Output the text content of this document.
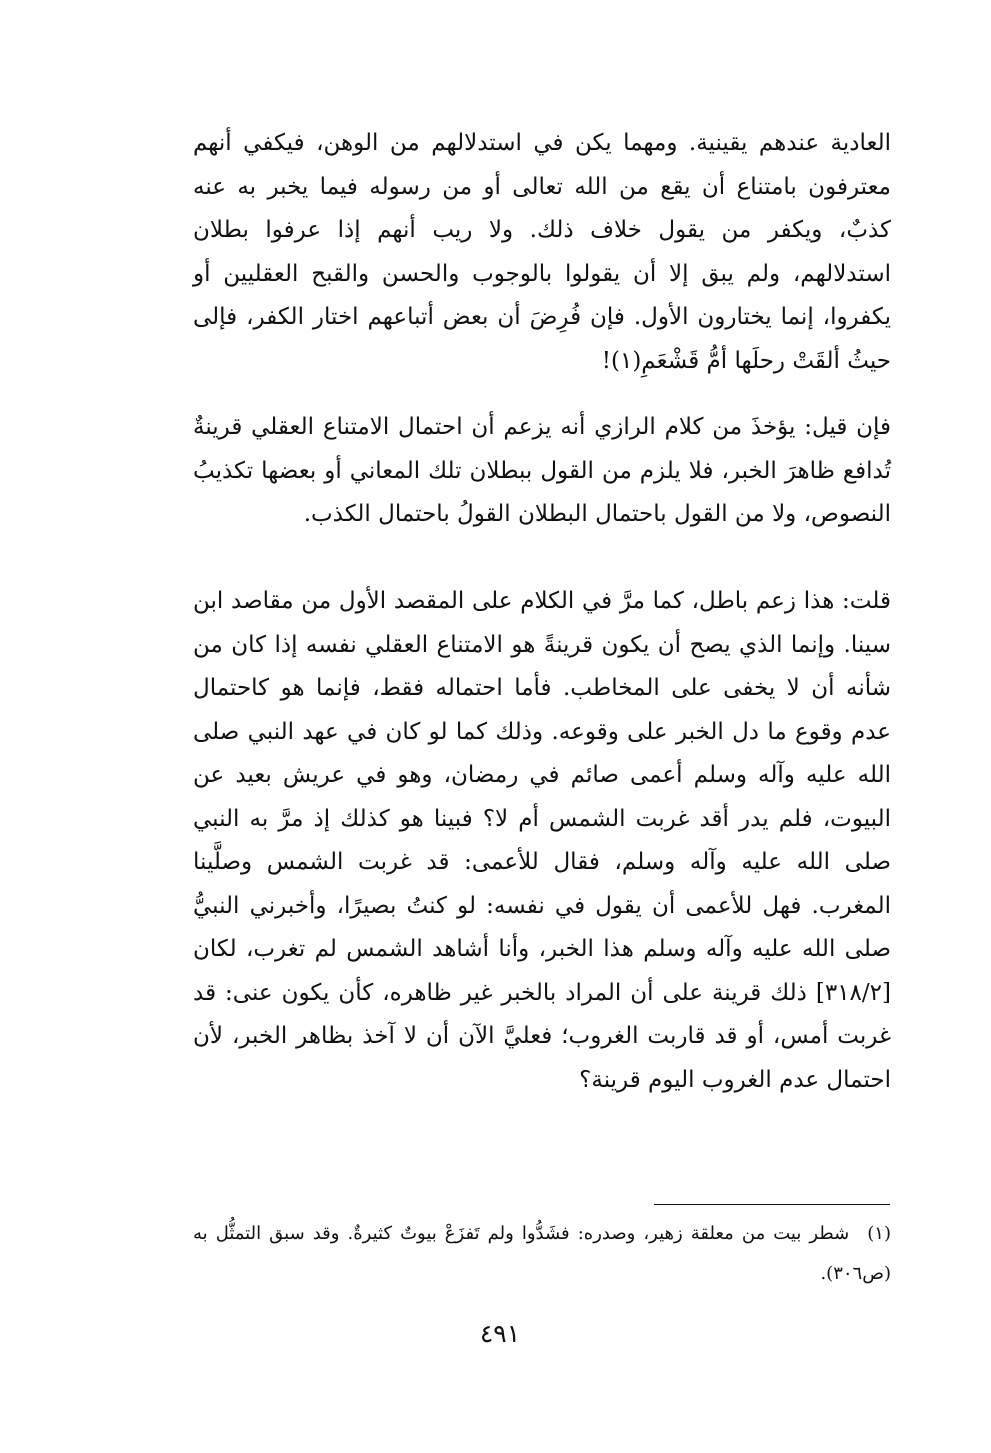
العادية عندهم يقينية. ومهما يكن في استدلالهم من الوهن، فيكفي أنهم معترفون بامتناع أن يقع من الله تعالى أو من رسوله فيما يخبر به عنه كذبٌ، ويكفر من يقول خلاف ذلك. ولا ريب أنهم إذا عرفوا بطلان استدلالهم، ولم يبق إلا أن يقولوا بالوجوب والحسن والقبح العقليين أو يكفروا، إنما يختارون الأول. فإن فُرِضَ أن بعض أتباعهم اختار الكفر، فإلى حيثُ ألقَتْ رحلَها أمُّ قَشْعَمِ(١)!

فإن قيل: يؤخذَ من كلام الرازي أنه يزعم أن احتمال الامتناع العقلي قرينةٌ تُدافع ظاهرَ الخبر، فلا يلزم من القول ببطلان تلك المعاني أو بعضها تكذيبُ النصوص، ولا من القول باحتمال البطلان القولُ باحتمال الكذب.

قلت: هذا زعم باطل، كما مرَّ في الكلام على المقصد الأول من مقاصد ابن سينا. وإنما الذي يصح أن يكون قرينةً هو الامتناع العقلي نفسه إذا كان من شأنه أن لا يخفى على المخاطب. فأما احتماله فقط، فإنما هو كاحتمال عدم وقوع ما دل الخبر على وقوعه. وذلك كما لو كان في عهد النبي صلى الله عليه وآله وسلم أعمى صائم في رمضان، وهو في عريش بعيد عن البيوت، فلم يدر أقد غربت الشمس أم لا؟ فبينا هو كذلك إذ مرَّ به النبي صلى الله عليه وآله وسلم، فقال للأعمى: قد غربت الشمس وصلَّينا المغرب. فهل للأعمى أن يقول في نفسه: لو كنتُ بصيرًا، وأخبرني النبيُّ صلى الله عليه وآله وسلم هذا الخبر، وأنا أشاهد الشمس لم تغرب، لكان [٣١٨/٢] ذلك قرينة على أن المراد بالخبر غير ظاهره، كأن يكون عنى: قد غربت أمس، أو قد قاربت الغروب؛ فعليَّ الآن أن لا آخذ بظاهر الخبر، لأن احتمال عدم الغروب اليوم قرينة؟

(١) شطر بيت من معلقة زهير، وصدره: فشَدُّوا ولم تَفزَعْ بيوتٌ كثيرةٌ. وقد سبق التمثُّل به (ص٣٠٦).

٤٩١
